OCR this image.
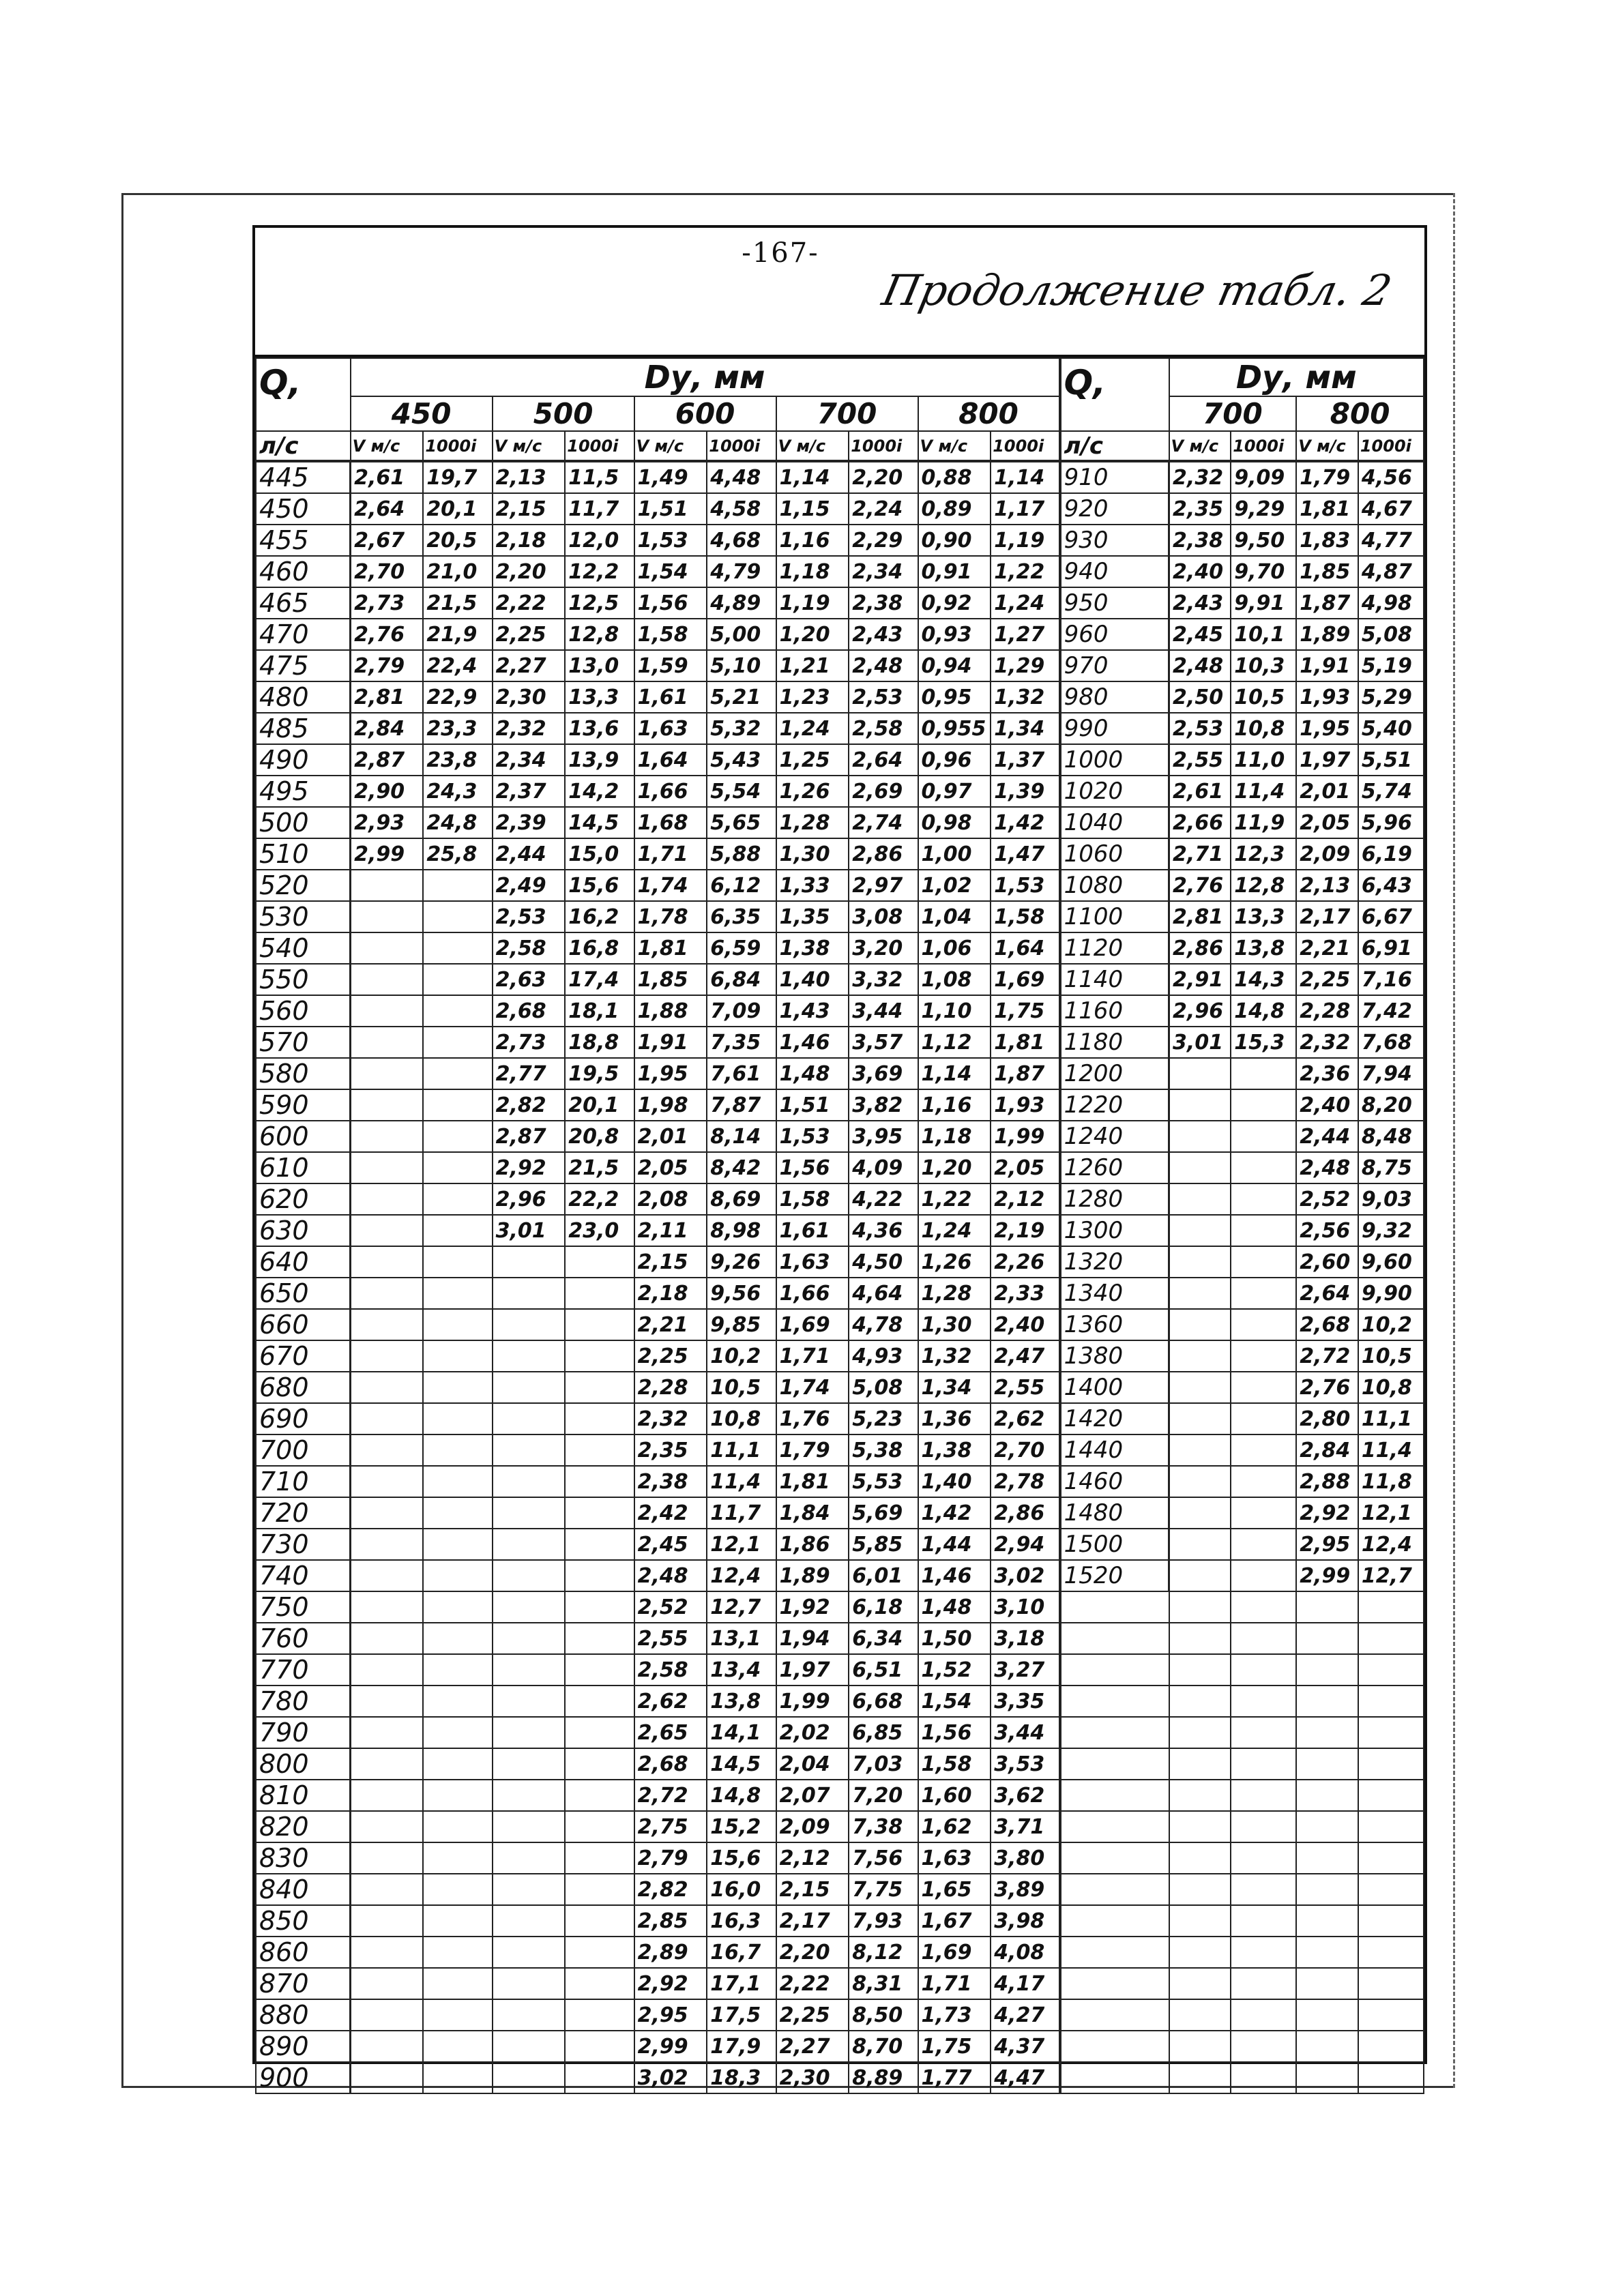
-167-
Продолжение табл. 2
Q,	Dу, мм										Q,	Dу, мм			
	450		500		600		700		800			700		800	
л/с	V м/с	1000i	V м/с	1000i	V м/с	1000i	V м/с	1000i	V м/с	1000i	л/с	V м/с	1000i	V м/с	1000i
445	2,61	19,7	2,13	11,5	1,49	4,48	1,14	2,20	0,88	1,14	910	2,32	9,09	1,79	4,56
450	2,64	20,1	2,15	11,7	1,51	4,58	1,15	2,24	0,89	1,17	920	2,35	9,29	1,81	4,67
455	2,67	20,5	2,18	12,0	1,53	4,68	1,16	2,29	0,90	1,19	930	2,38	9,50	1,83	4,77
460	2,70	21,0	2,20	12,2	1,54	4,79	1,18	2,34	0,91	1,22	940	2,40	9,70	1,85	4,87
465	2,73	21,5	2,22	12,5	1,56	4,89	1,19	2,38	0,92	1,24	950	2,43	9,91	1,87	4,98
470	2,76	21,9	2,25	12,8	1,58	5,00	1,20	2,43	0,93	1,27	960	2,45	10,1	1,89	5,08
475	2,79	22,4	2,27	13,0	1,59	5,10	1,21	2,48	0,94	1,29	970	2,48	10,3	1,91	5,19
480	2,81	22,9	2,30	13,3	1,61	5,21	1,23	2,53	0,95	1,32	980	2,50	10,5	1,93	5,29
485	2,84	23,3	2,32	13,6	1,63	5,32	1,24	2,58	0,955	1,34	990	2,53	10,8	1,95	5,40
490	2,87	23,8	2,34	13,9	1,64	5,43	1,25	2,64	0,96	1,37	1000	2,55	11,0	1,97	5,51
495	2,90	24,3	2,37	14,2	1,66	5,54	1,26	2,69	0,97	1,39	1020	2,61	11,4	2,01	5,74
500	2,93	24,8	2,39	14,5	1,68	5,65	1,28	2,74	0,98	1,42	1040	2,66	11,9	2,05	5,96
510	2,99	25,8	2,44	15,0	1,71	5,88	1,30	2,86	1,00	1,47	1060	2,71	12,3	2,09	6,19
520			2,49	15,6	1,74	6,12	1,33	2,97	1,02	1,53	1080	2,76	12,8	2,13	6,43
530			2,53	16,2	1,78	6,35	1,35	3,08	1,04	1,58	1100	2,81	13,3	2,17	6,67
540			2,58	16,8	1,81	6,59	1,38	3,20	1,06	1,64	1120	2,86	13,8	2,21	6,91
550			2,63	17,4	1,85	6,84	1,40	3,32	1,08	1,69	1140	2,91	14,3	2,25	7,16
560			2,68	18,1	1,88	7,09	1,43	3,44	1,10	1,75	1160	2,96	14,8	2,28	7,42
570			2,73	18,8	1,91	7,35	1,46	3,57	1,12	1,81	1180	3,01	15,3	2,32	7,68
580			2,77	19,5	1,95	7,61	1,48	3,69	1,14	1,87	1200			2,36	7,94
590			2,82	20,1	1,98	7,87	1,51	3,82	1,16	1,93	1220			2,40	8,20
600			2,87	20,8	2,01	8,14	1,53	3,95	1,18	1,99	1240			2,44	8,48
610			2,92	21,5	2,05	8,42	1,56	4,09	1,20	2,05	1260			2,48	8,75
620			2,96	22,2	2,08	8,69	1,58	4,22	1,22	2,12	1280			2,52	9,03
630			3,01	23,0	2,11	8,98	1,61	4,36	1,24	2,19	1300			2,56	9,32
640					2,15	9,26	1,63	4,50	1,26	2,26	1320			2,60	9,60
650					2,18	9,56	1,66	4,64	1,28	2,33	1340			2,64	9,90
660					2,21	9,85	1,69	4,78	1,30	2,40	1360			2,68	10,2
670					2,25	10,2	1,71	4,93	1,32	2,47	1380			2,72	10,5
680					2,28	10,5	1,74	5,08	1,34	2,55	1400			2,76	10,8
690					2,32	10,8	1,76	5,23	1,36	2,62	1420			2,80	11,1
700					2,35	11,1	1,79	5,38	1,38	2,70	1440			2,84	11,4
710					2,38	11,4	1,81	5,53	1,40	2,78	1460			2,88	11,8
720					2,42	11,7	1,84	5,69	1,42	2,86	1480			2,92	12,1
730					2,45	12,1	1,86	5,85	1,44	2,94	1500			2,95	12,4
740					2,48	12,4	1,89	6,01	1,46	3,02	1520			2,99	12,7
750					2,52	12,7	1,92	6,18	1,48	3,10					
760					2,55	13,1	1,94	6,34	1,50	3,18					
770					2,58	13,4	1,97	6,51	1,52	3,27					
780					2,62	13,8	1,99	6,68	1,54	3,35					
790					2,65	14,1	2,02	6,85	1,56	3,44					
800					2,68	14,5	2,04	7,03	1,58	3,53					
810					2,72	14,8	2,07	7,20	1,60	3,62					
820					2,75	15,2	2,09	7,38	1,62	3,71					
830					2,79	15,6	2,12	7,56	1,63	3,80					
840					2,82	16,0	2,15	7,75	1,65	3,89					
850					2,85	16,3	2,17	7,93	1,67	3,98					
860					2,89	16,7	2,20	8,12	1,69	4,08					
870					2,92	17,1	2,22	8,31	1,71	4,17					
880					2,95	17,5	2,25	8,50	1,73	4,27					
890					2,99	17,9	2,27	8,70	1,75	4,37					
900					3,02	18,3	2,30	8,89	1,77	4,47					
